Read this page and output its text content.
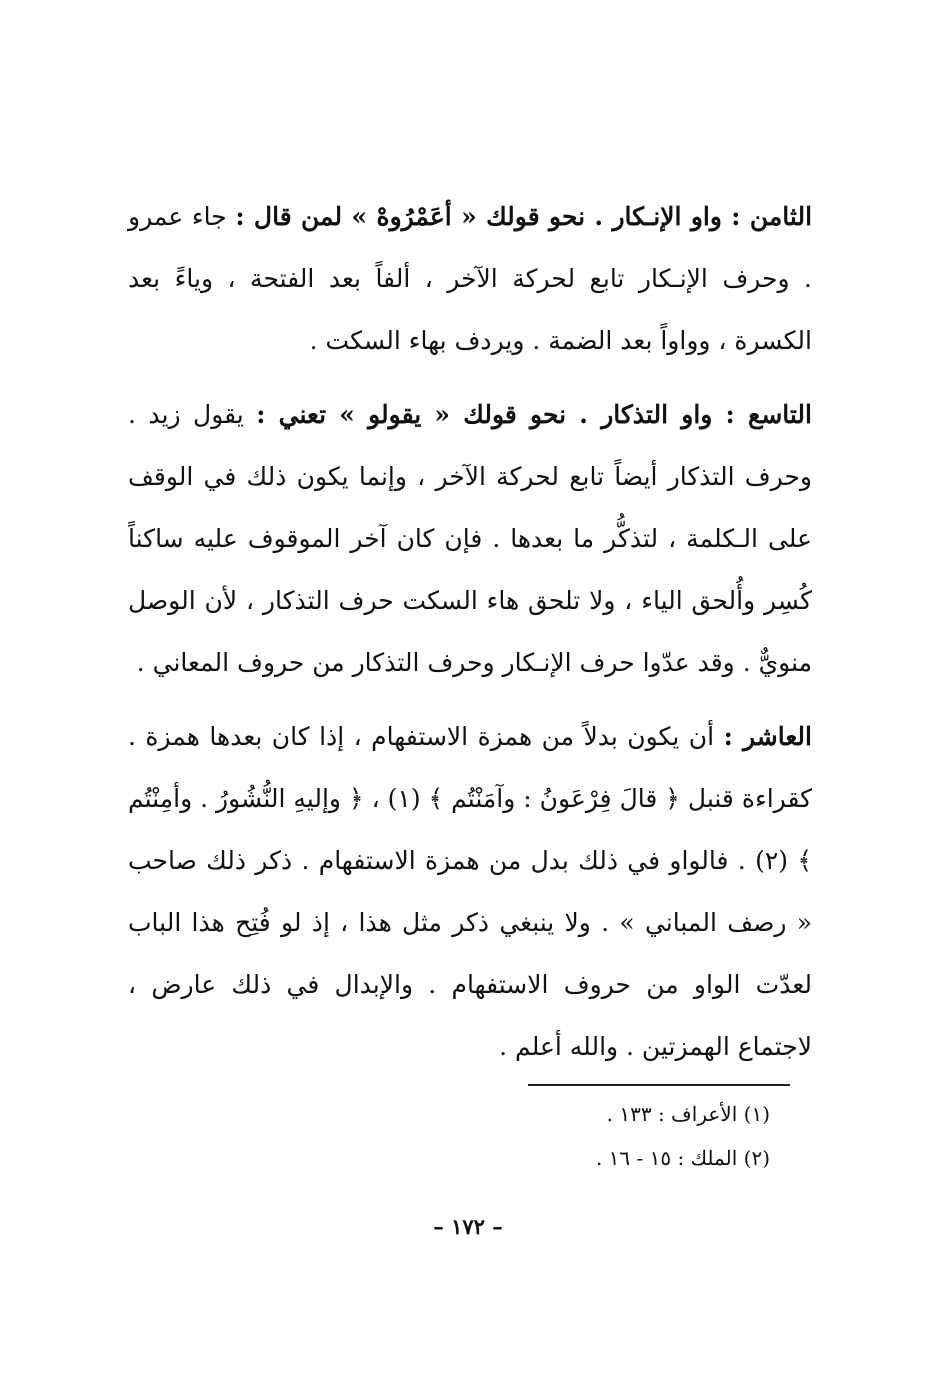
الثامن : واو الإنـكار . نحو قولك « أعَمْرُوهْ » لمن قال : جاء عمرو . وحرف الإنـكار تابع لحركة الآخر ، ألفاً بعد الفتحة ، وياءً بعد الكسرة ، وواواً بعد الضمة . ويردف بهاء السكت .

التاسع : واو التذكار . نحو قولك « يقولو » تعني : يقول زيد . وحرف التذكار أيضاً تابع لحركة الآخر ، وإنما يكون ذلك في الوقف على الـكلمة ، لتذكُّر ما بعدها . فإن كان آخر الموقوف عليه ساكناً كُسِر وأُلحق الياء ، ولا تلحق هاء السكت حرف التذكار ، لأن الوصل منويٌّ . وقد عدّوا حرف الإنـكار وحرف التذكار من حروف المعاني .

العاشر : أن يكون بدلاً من همزة الاستفهام ، إذا كان بعدها همزة . كقراءة قنبل ﴿ قالَ فِرْعَونُ : وآمَنْتُم ﴾ (١) ، ﴿ وإليهِ النُّشُورُ . وأمِنْتُم ﴾ (٢) . فالواو في ذلك بدل من همزة الاستفهام . ذكر ذلك صاحب « رصف المباني » . ولا ينبغي ذكر مثل هذا ، إذ لو فُتِح هذا الباب لعدّت الواو من حروف الاستفهام . والإبدال في ذلك عارض ، لاجتماع الهمزتين . والله أعلم .

(١) الأعراف : ١٣٣ .

(٢) الملك : ١٥ - ١٦ .

– ١٧٢ –
